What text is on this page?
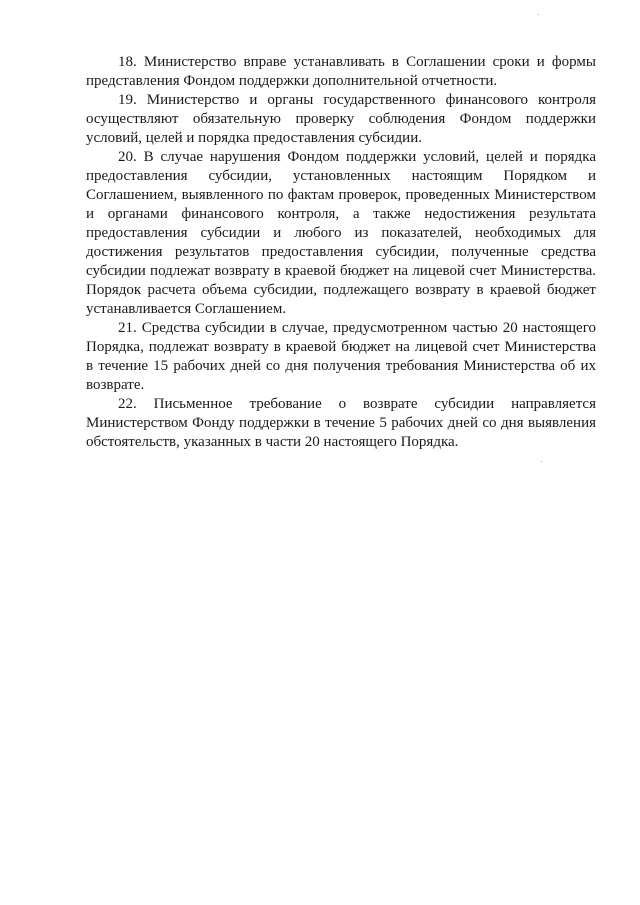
18. Министерство вправе устанавливать в Соглашении сроки и формы представления Фондом поддержки дополнительной отчетности.

19. Министерство и органы государственного финансового контроля осуществляют обязательную проверку соблюдения Фондом поддержки условий, целей и порядка предоставления субсидии.

20. В случае нарушения Фондом поддержки условий, целей и порядка предоставления субсидии, установленных настоящим Порядком и Соглашением, выявленного по фактам проверок, проведенных Министерством и органами финансового контроля, а также недостижения результата предоставления субсидии и любого из показателей, необходимых для достижения результатов предоставления субсидии, полученные средства субсидии подлежат возврату в краевой бюджет на лицевой счет Министерства. Порядок расчета объема субсидии, подлежащего возврату в краевой бюджет устанавливается Соглашением.

21. Средства субсидии в случае, предусмотренном частью 20 настоящего Порядка, подлежат возврату в краевой бюджет на лицевой счет Министерства в течение 15 рабочих дней со дня получения требования Министерства об их возврате.

22. Письменное требование о возврате субсидии направляется Министерством Фонду поддержки в течение 5 рабочих дней со дня выявления обстоятельств, указанных в части 20 настоящего Порядка.
